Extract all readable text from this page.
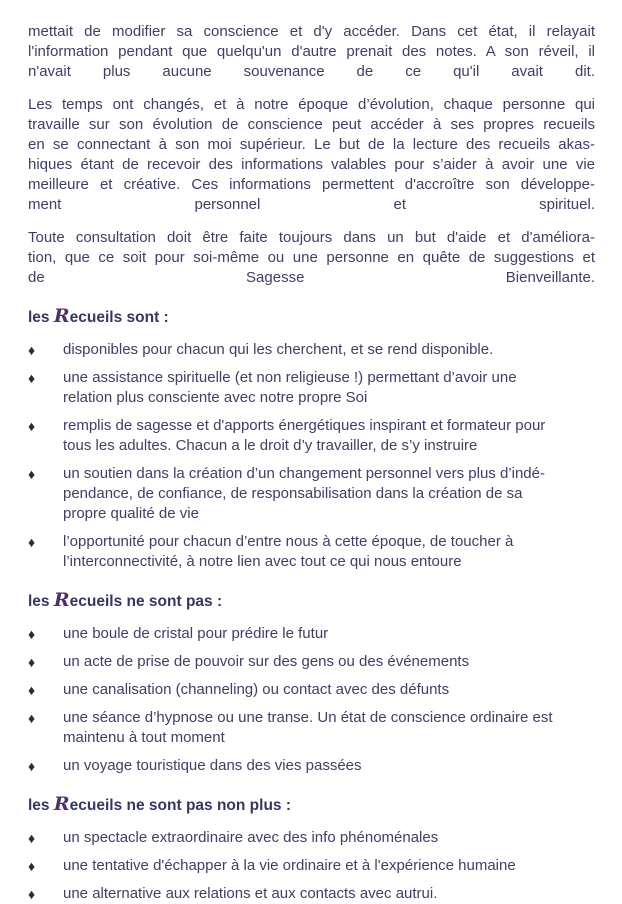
mettait de modifier sa conscience et d'y accéder. Dans cet état, il relayait
l'information pendant que quelqu'un d'autre prenait des notes. A son réveil, il
n'avait plus aucune souvenance de ce qu'il avait dit.
Les temps ont changés, et à notre époque d’évolution, chaque personne qui
travaille sur son évolution de conscience peut accéder à ses propres recueils
en se connectant à son moi supérieur. Le but de la lecture des recueils akas-
hiques étant de recevoir des informations valables pour s’aider à avoir une vie
meilleure et créative. Ces informations permettent d'accroître son développe-
ment personnel et spirituel.
Toute consultation doit être faite toujours dans un but d'aide et d'améliora-
tion, que ce soit pour soi-même ou une personne en quête de suggestions et
de Sagesse Bienveillante.
les Recueils sont :
♦	disponibles pour chacun qui les cherchent, et se rend disponible.
♦	une assistance spirituelle (et non religieuse !) permettant d’avoir une
relation plus consciente avec notre propre Soi
♦	remplis de sagesse et d'apports énergétiques inspirant et formateur pour
tous les adultes. Chacun a le droit d’y travailler, de s’y instruire
♦	un soutien dans la création d’un changement personnel vers plus d’indé-
pendance, de confiance, de responsabilisation dans la création de sa
propre qualité de vie
♦	l’opportunité pour chacun d’entre nous à cette époque, de toucher à
l’interconnectivité, à notre lien avec tout ce qui nous entoure
les Recueils ne sont pas :
♦	une boule de cristal pour prédire le futur
♦	un acte de prise de pouvoir sur des gens ou des événements
♦	une canalisation (channeling) ou contact avec des défunts
♦	une séance d’hypnose ou une transe. Un état de conscience ordinaire est
maintenu à tout moment
♦	un voyage touristique dans des vies passées
les Recueils ne sont pas non plus :
♦	un spectacle extraordinaire avec des info phénoménales
♦	une tentative d'échapper à la vie ordinaire et à l'expérience humaine
♦	une alternative aux relations et aux contacts avec autrui.
